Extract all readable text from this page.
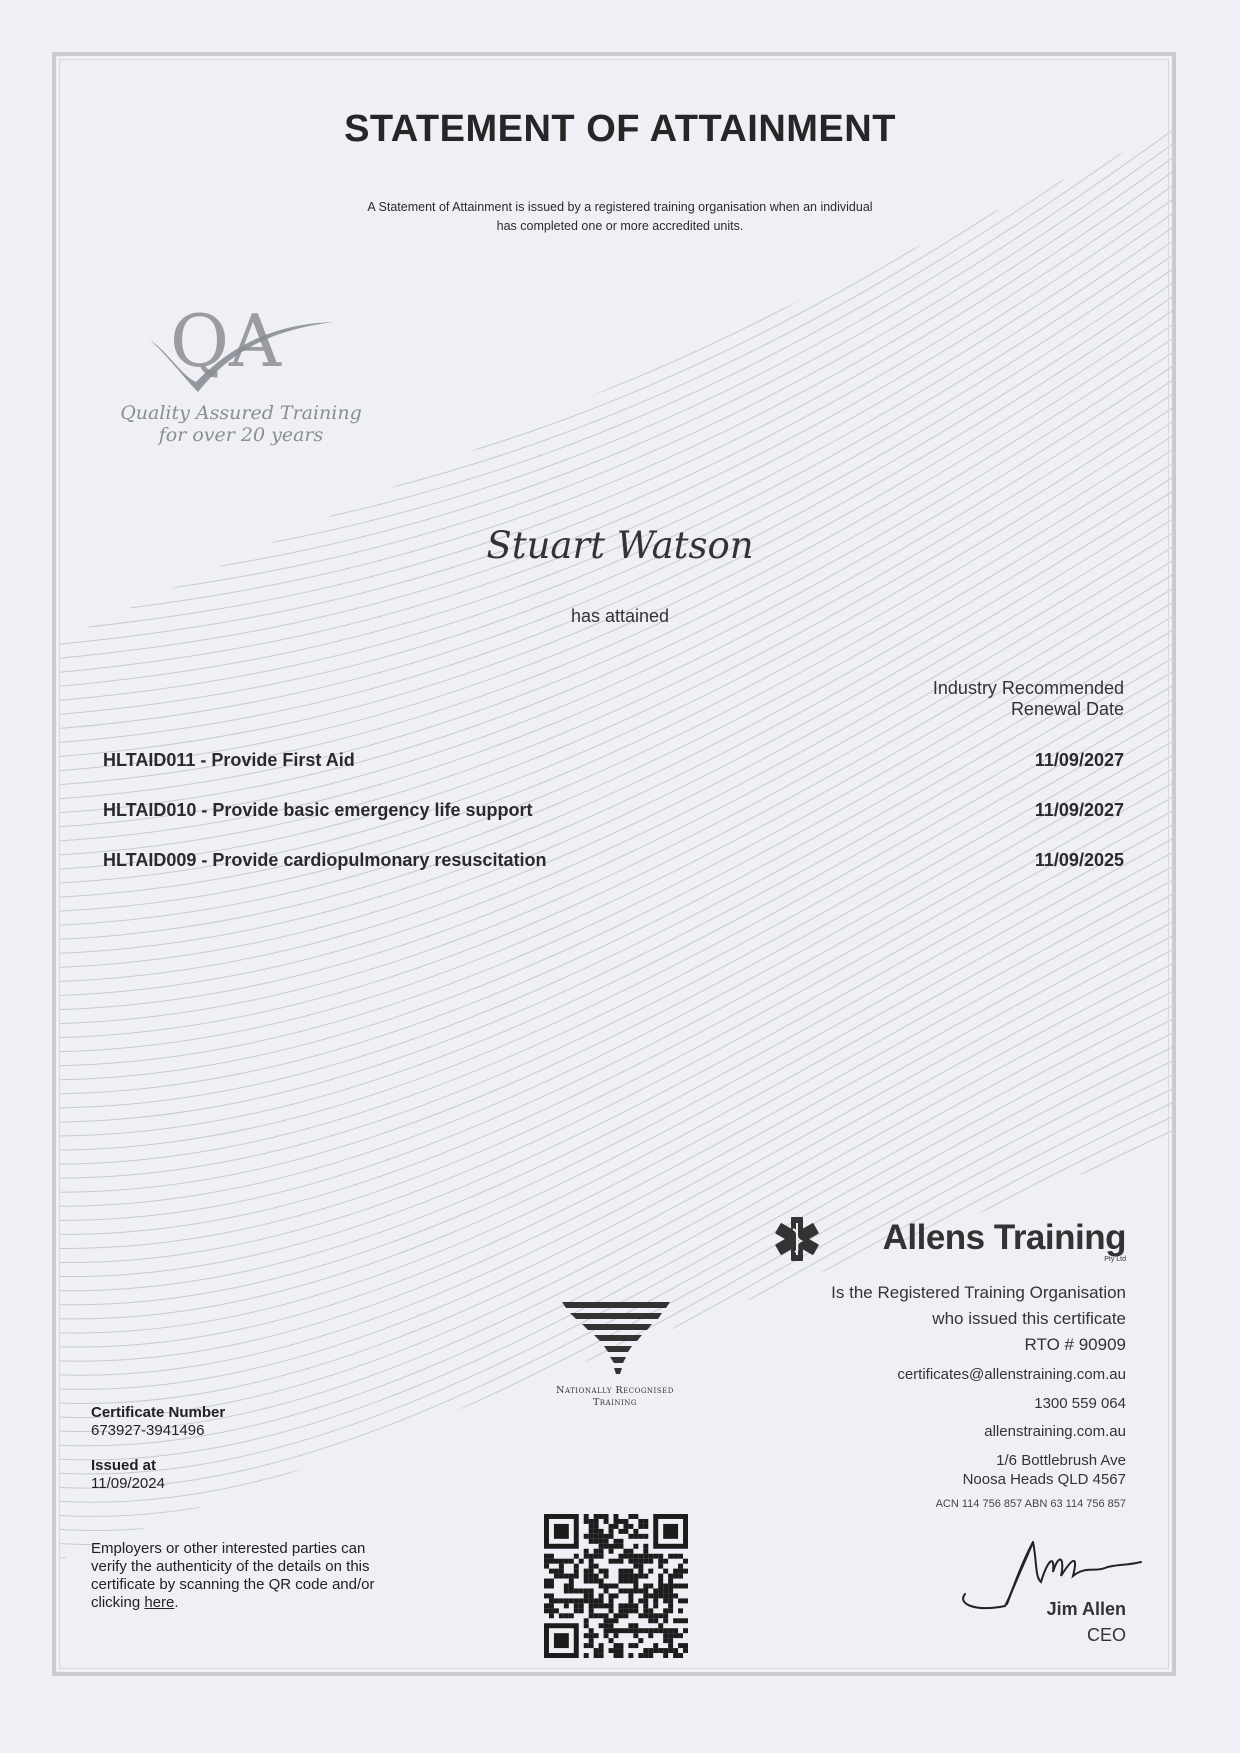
STATEMENT OF ATTAINMENT
A Statement of Attainment is issued by a registered training organisation when an individual
has completed one or more accredited units.
QA
Quality Assured Training
for over 20 years
Stuart Watson
has attained
Industry Recommended
Renewal Date
HLTAID011 - Provide First Aid	11/09/2027
HLTAID010 - Provide basic emergency life support	11/09/2027
HLTAID009 - Provide cardiopulmonary resuscitation	11/09/2025
Allens Training
Pty Ltd
Is the Registered Training Organisation
who issued this certificate
RTO # 90909
certificates@allenstraining.com.au
1300 559 064
allenstraining.com.au
1/6 Bottlebrush Ave
Noosa Heads QLD 4567
ACN 114 756 857 ABN 63 114 756 857
Jim Allen
CEO
Nationally Recognised
Training
Certificate Number
673927-3941496
Issued at
11/09/2024
Employers or other interested parties can verify the authenticity of the details on this certificate by scanning the QR code and/or clicking here.
